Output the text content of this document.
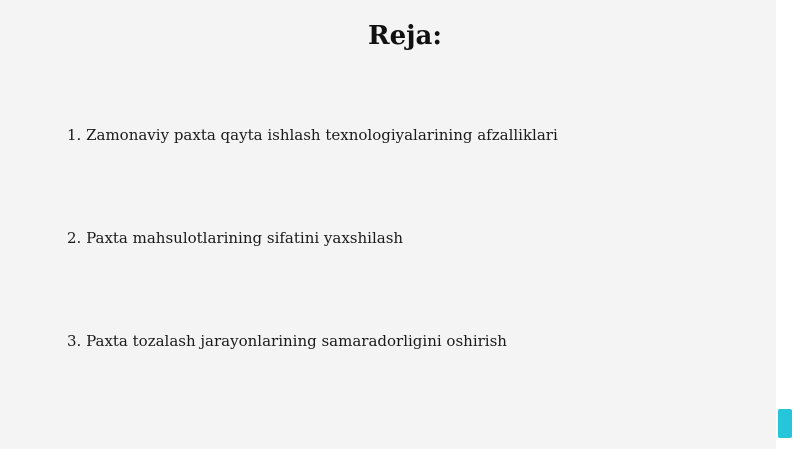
Reja:

1. Zamonaviy paxta qayta ishlash texnologiyalarining afzalliklari

2. Paxta mahsulotlarining sifatini yaxshilash

3. Paxta tozalash jarayonlarining samaradorligini oshirish
